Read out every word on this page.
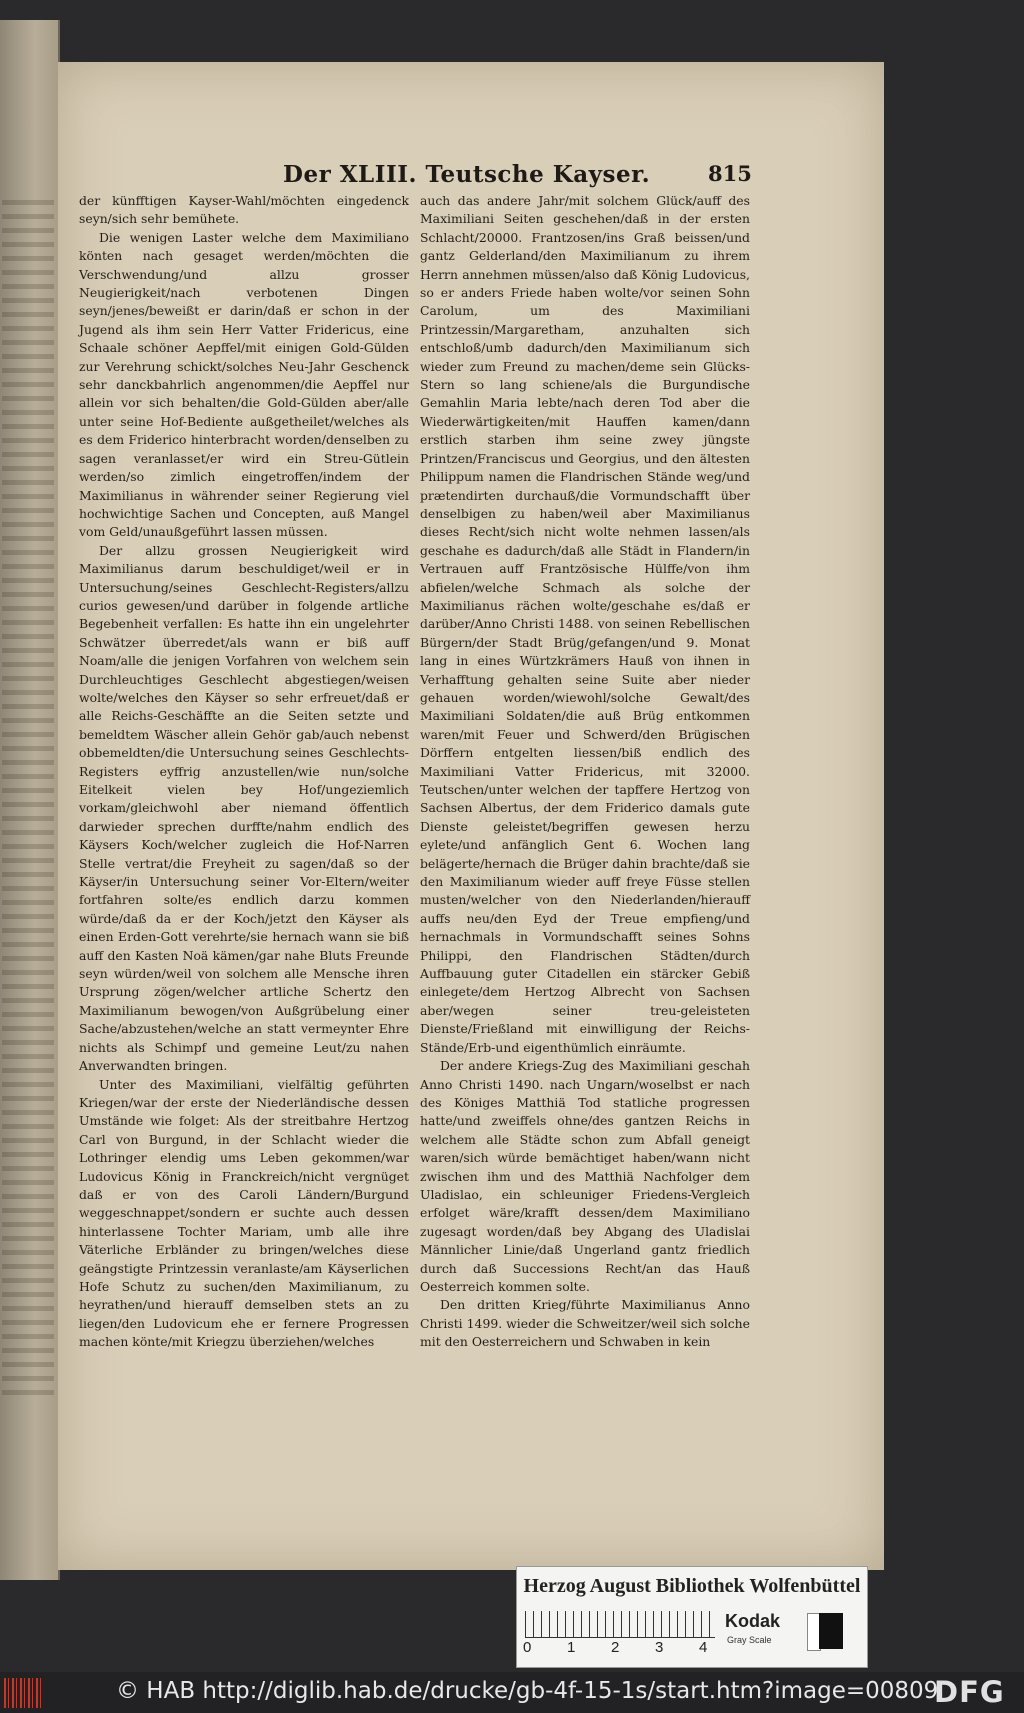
Der XLIII. Teutsche Kayser.	815

der künfftigen Kayser-Wahl/möchten eingedenck seyn/sich sehr bemühete.

Die wenigen Laster welche dem Maximiliano könten nach gesaget werden/möchten die Verschwendung/und allzu grosser Neugierigkeit/nach verbotenen Dingen seyn/jenes/beweißt er darin/daß er schon in der Jugend als ihm sein Herr Vatter Fridericus, eine Schaale schöner Aepffel/mit einigen Gold-Gülden zur Verehrung schickt/solches Neu-Jahr Geschenck sehr danckbahrlich angenommen/die Aepffel nur allein vor sich behalten/die Gold-Gülden aber/alle unter seine Hof-Bediente außgetheilet/welches als es dem Friderico hinterbracht worden/denselben zu sagen veranlasset/er wird ein Streu-Gütlein werden/so zimlich eingetroffen/indem der Maximilianus in währender seiner Regierung viel hochwichtige Sachen und Concepten, auß Mangel vom Geld/unaußgeführt lassen müssen.

Der allzu grossen Neugierigkeit wird Maximilianus darum beschuldiget/weil er in Untersuchung/seines Geschlecht-Registers/allzu curios gewesen/und darüber in folgende artliche Begebenheit verfallen: Es hatte ihn ein ungelehrter Schwätzer überredet/als wann er biß auff Noam/alle die jenigen Vorfahren von welchem sein Durchleuchtiges Geschlecht abgestiegen/weisen wolte/welches den Käyser so sehr erfreuet/daß er alle Reichs-Geschäffte an die Seiten setzte und bemeldtem Wäscher allein Gehör gab/auch nebenst obbemeldten/die Untersuchung seines Geschlechts-Registers eyffrig anzustellen/wie nun/solche Eitelkeit vielen bey Hof/ungeziemlich vorkam/gleichwohl aber niemand öffentlich darwieder sprechen durffte/nahm endlich des Käysers Koch/welcher zugleich die Hof-Narren Stelle vertrat/die Freyheit zu sagen/daß so der Käyser/in Untersuchung seiner Vor-Eltern/weiter fortfahren solte/es endlich darzu kommen würde/daß da er der Koch/jetzt den Käyser als einen Erden-Gott verehrte/sie hernach wann sie biß auff den Kasten Noä kämen/gar nahe Bluts Freunde seyn würden/weil von solchem alle Mensche ihren Ursprung zögen/welcher artliche Schertz den Maximilianum bewogen/von Außgrübelung einer Sache/abzustehen/welche an statt vermeynter Ehre nichts als Schimpf und gemeine Leut/zu nahen Anverwandten bringen.

Unter des Maximiliani, vielfältig geführten Kriegen/war der erste der Niederländische dessen Umstände wie folget: Als der streitbahre Hertzog Carl von Burgund, in der Schlacht wieder die Lothringer elendig ums Leben gekommen/war Ludovicus König in Franckreich/nicht vergnüget daß er von des Caroli Ländern/Burgund weggeschnappet/sondern er suchte auch dessen hinterlassene Tochter Mariam, umb alle ihre Väterliche Erbländer zu bringen/welches diese geängstigte Printzessin veranlaste/am Käyserlichen Hofe Schutz zu suchen/den Maximilianum, zu heyrathen/und hierauff demselben stets an zu liegen/den Ludovicum ehe er fernere Progressen machen könte/mit Kriegzu überziehen/welches

auch das andere Jahr/mit solchem Glück/auff des Maximiliani Seiten geschehen/daß in der ersten Schlacht/20000. Frantzosen/ins Graß beissen/und gantz Gelderland/den Maximilianum zu ihrem Herrn annehmen müssen/also daß König Ludovicus, so er anders Friede haben wolte/vor seinen Sohn Carolum, um des Maximiliani Printzessin/Margaretham, anzuhalten sich entschloß/umb dadurch/den Maximilianum sich wieder zum Freund zu machen/deme sein Glücks-Stern so lang schiene/als die Burgundische Gemahlin Maria lebte/nach deren Tod aber die Wiederwärtigkeiten/mit Hauffen kamen/dann erstlich starben ihm seine zwey jüngste Printzen/Franciscus und Georgius, und den ältesten Philippum namen die Flandrischen Stände weg/und prætendirten durchauß/die Vormundschafft über denselbigen zu haben/weil aber Maximilianus dieses Recht/sich nicht wolte nehmen lassen/als geschahe es dadurch/daß alle Städt in Flandern/in Vertrauen auff Frantzösische Hülffe/von ihm abfielen/welche Schmach als solche der Maximilianus rächen wolte/geschahe es/daß er darüber/Anno Christi 1488. von seinen Rebellischen Bürgern/der Stadt Brüg/gefangen/und 9. Monat lang in eines Würtzkrämers Hauß von ihnen in Verhafftung gehalten seine Suite aber nieder gehauen worden/wiewohl/solche Gewalt/des Maximiliani Soldaten/die auß Brüg entkommen waren/mit Feuer und Schwerd/den Brügischen Dörffern entgelten liessen/biß endlich des Maximiliani Vatter Fridericus, mit 32000. Teutschen/unter welchen der tapffere Hertzog von Sachsen Albertus, der dem Friderico damals gute Dienste geleistet/begriffen gewesen herzu eylete/und anfänglich Gent 6. Wochen lang belägerte/hernach die Brüger dahin brachte/daß sie den Maximilianum wieder auff freye Füsse stellen musten/welcher von den Niederlanden/hierauff auffs neu/den Eyd der Treue empfieng/und hernachmals in Vormundschafft seines Sohns Philippi, den Flandrischen Städten/durch Auffbauung guter Citadellen ein stärcker Gebiß einlegete/dem Hertzog Albrecht von Sachsen aber/wegen seiner treu-geleisteten Dienste/Frießland mit einwilligung der Reichs-Stände/Erb-und eigenthümlich einräumte.

Der andere Kriegs-Zug des Maximiliani geschah Anno Christi 1490. nach Ungarn/woselbst er nach des Königes Matthiä Tod statliche progressen hatte/und zweiffels ohne/des gantzen Reichs in welchem alle Städte schon zum Abfall geneigt waren/sich würde bemächtiget haben/wann nicht zwischen ihm und des Matthiä Nachfolger dem Uladislao, ein schleuniger Friedens-Vergleich erfolget wäre/krafft dessen/dem Maximiliano zugesagt worden/daß bey Abgang des Uladislai Männlicher Linie/daß Ungerland gantz friedlich durch daß Successions Recht/an das Hauß Oesterreich kommen solte.

Den dritten Krieg/führte Maximilianus Anno Christi 1499. wieder die Schweitzer/weil sich solche mit den Oesterreichern und Schwaben in kein

Herzog August Bibliothek Wolfenbüttel
0 1 2 3 4
Kodak
Gray Scale
© HAB http://diglib.hab.de/drucke/gb-4f-15-1s/start.htm?image=00809
DFG
